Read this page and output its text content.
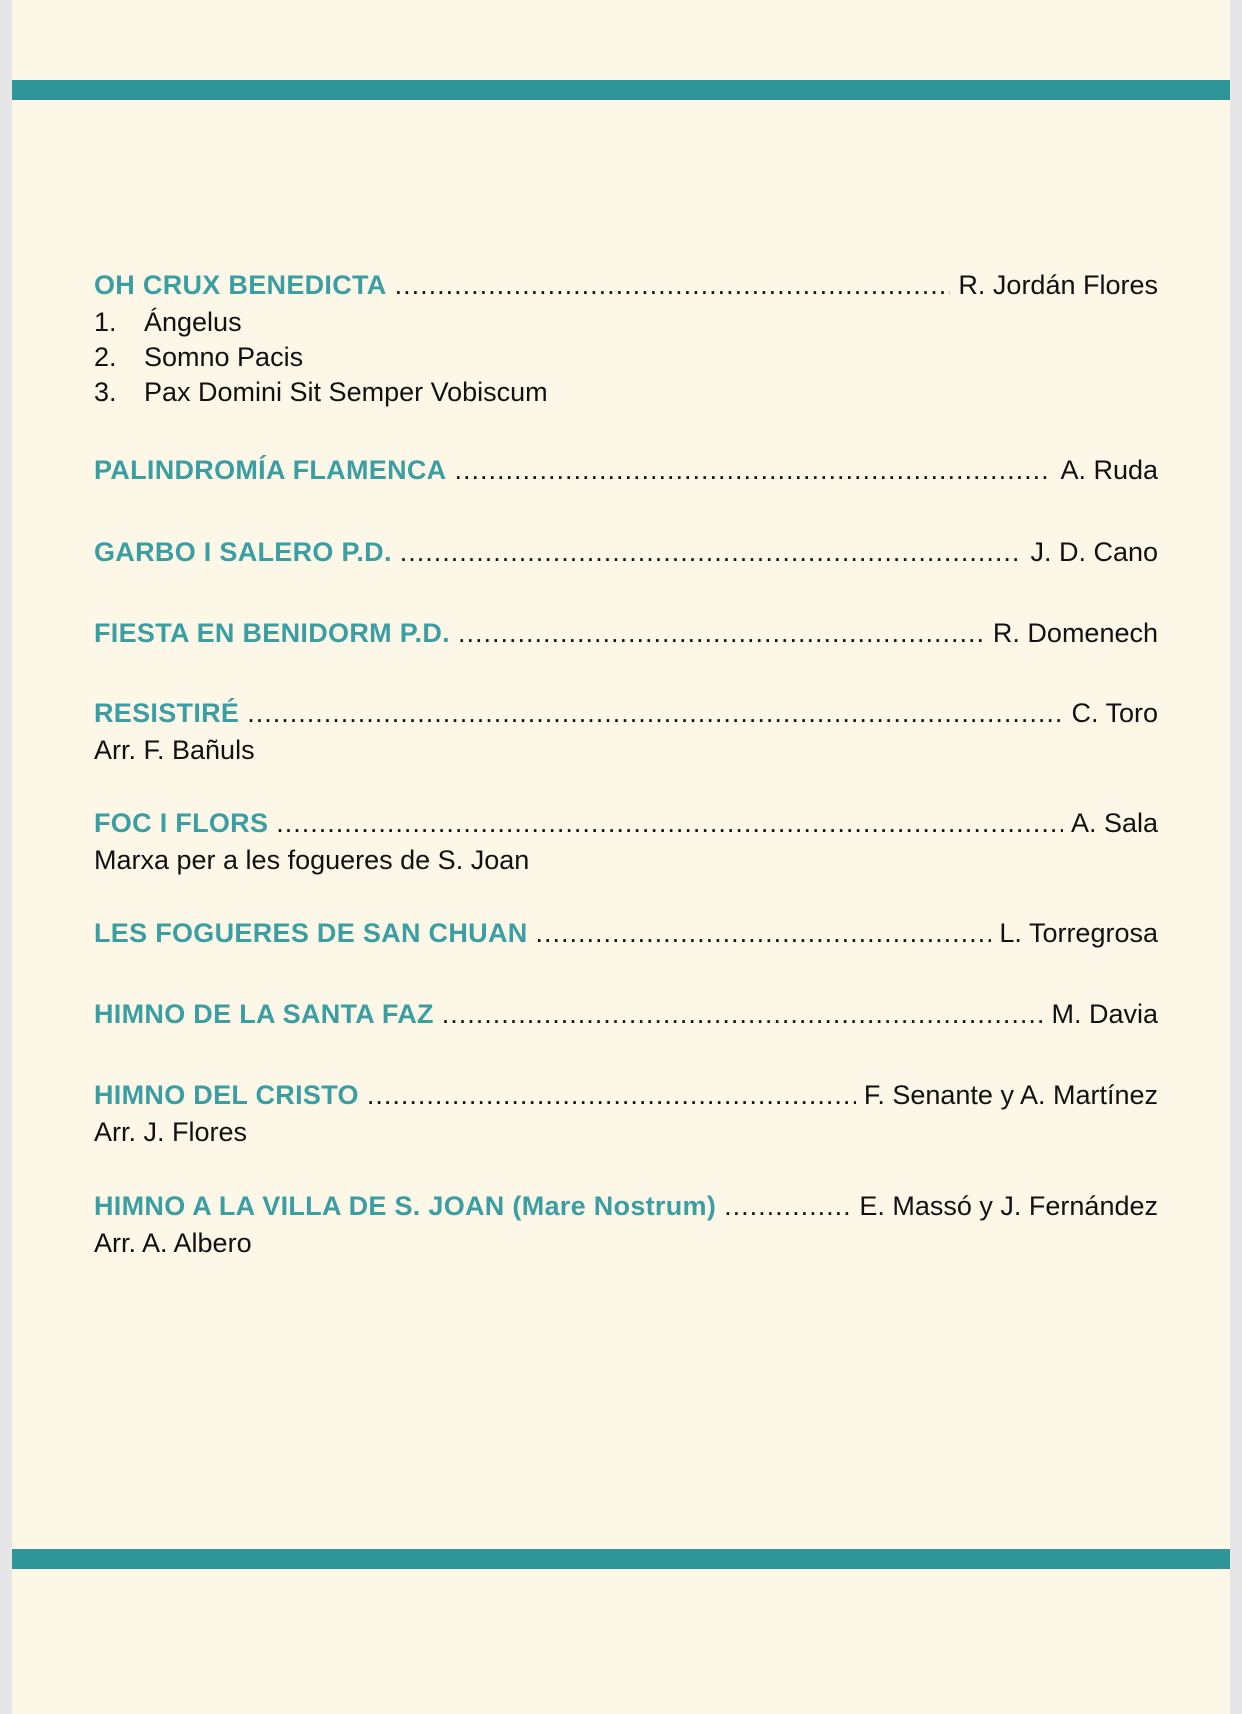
OH CRUX BENEDICTA .....	R. Jordán Flores
1.	Ángelus
2.	Somno Pacis
3.	Pax Domini Sit Semper Vobiscum
PALINDROMÍA FLAMENCA .....	A. Ruda
GARBO I SALERO P.D. .....	J. D. Cano
FIESTA EN BENIDORM P.D. .....	R. Domenech
RESISTIRÉ .....	C. Toro
Arr. F. Bañuls
FOC I FLORS .....	A. Sala
Marxa per a les fogueres de S. Joan
LES FOGUERES DE SAN CHUAN .....	L. Torregrosa
HIMNO DE LA SANTA FAZ .....	M. Davia
HIMNO DEL CRISTO .....	F. Senante y A. Martínez
Arr. J. Flores
HIMNO A LA VILLA DE S. JOAN (Mare Nostrum) .....	E. Massó y J. Fernández
Arr. A. Albero
